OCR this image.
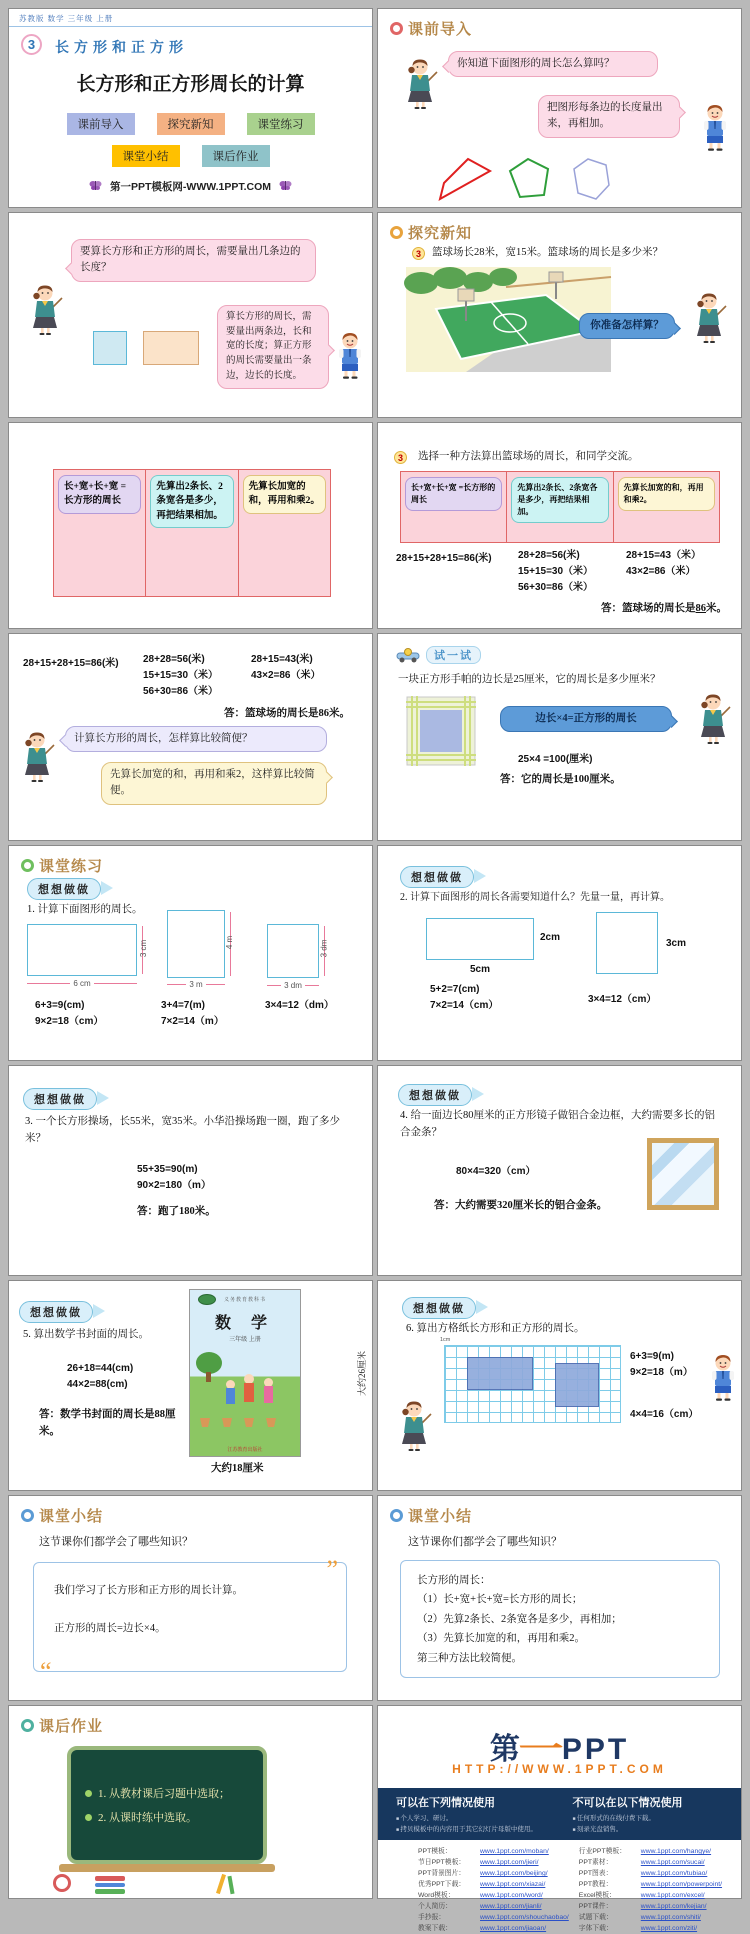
苏教版 数学 三年级 上册
3	长方形和正方形
长方形和正方形周长的计算
课前导入	探究新知	课堂练习
课堂小结	课后作业
第一PPT模板网-WWW.1PPT.COM
课前导入
你知道下面图形的周长怎么算吗？
把图形每条边的长度量出来，再相加。
要算长方形和正方形的周长，需要量出几条边的长度？
算长方形的周长，需要量出两条边，长和宽的长度；算正方形的周长需要量出一条边，边长的长度。
探究新知
3	篮球场长28米，宽15米。篮球场的周长是多少米？
你准备怎样算？
长+宽+长+宽 =长方形的周长
先算出2条长、2条宽各是多少，再把结果相加。
先算长加宽的和，再用和乘2。
3	选择一种方法算出篮球场的周长，和同学交流。
长+宽+长+宽 =长方形的周长
先算出2条长、2条宽各是多少，再把结果相加。
先算长加宽的和，再用和乘2。
28+15+28+15=86(米)	28+28=56(米)
15+15=30（米）
56+30=86（米）
28+15=43（米）
43×2=86（米）
答：篮球场的周长是86米。
28+15+28+15=86(米) 28+28=56(米)
15+15=30（米）
56+30=86（米）
28+15=43(米)
43×2=86（米）
答：篮球场的周长是86米。
计算长方形的周长，怎样算比较简便？
先算长加宽的和，再用和乘2，这样算比较简便。
试一试
一块正方形手帕的边长是25厘米，它的周长是多少厘米？
边长×4=正方形的周长
25×4 =100(厘米)
答：它的周长是100厘米。
课堂练习
想想做做
1. 计算下面图形的周长。
6 cm
3 cm
3 m
4 m
3 dm
3 dm
6+3=9(cm)
9×2=18（cm）
3+4=7(m)
7×2=14（m）
3×4=12（dm）
想想做做
2. 计算下面图形的周长各需要知道什么？先量一量，再计算。
2cm
5cm
3cm
5+2=7(cm)
7×2=14（cm）
3×4=12（cm）
想想做做
3. 一个长方形操场，长55米，宽35米。小华沿操场跑一圈，跑了多少米？
55+35=90(m)
90×2=180（m）
答：跑了180米。
想想做做
4. 给一面边长80厘米的正方形镜子做铝合金边框，大约需要多长的铝合金条？
80×4=320（cm）
答：大约需要320厘米长的铝合金条。
想想做做
5. 算出数学书封面的周长。
26+18=44(cm)
44×2=88(cm)
答：数学书封面的周长是88厘米。
义务教育教科书
数 学
三年级 上册
江苏教育出版社
大约26厘米
大约18厘米
想想做做
6. 算出方格纸长方形和正方形的周长。
1cm
6+3=9(m)
9×2=18（m）
4×4=16（cm）
课堂小结
这节课你们都学会了哪些知识？
”
“
我们学习了长方形和正方形的周长计算。
正方形的周长=边长×4。
课堂小结
这节课你们都学会了哪些知识？
长方形的周长：
（1）长+宽+长+宽=长方形的周长；
（2）先算2条长、2条宽各是多少，再相加；
（3）先算长加宽的和，再用和乘2。
第三种方法比较简便。
课后作业
1. 从教材课后习题中选取；
2. 从课时练中选取。
第一PPT
HTTP://WWW.1PPT.COM
可以在下列情况使用
■ 个人学习、研讨。
■ 拷贝模板中的内容用于其它幻灯片母版中使用。
不可以在以下情况使用
■ 任何形式的在线付费下载。
■ 刻录光盘销售。
PPT模板：	www.1ppt.com/moban/
节日PPT模板：	www.1ppt.com/jieri/
PPT背景图片：	www.1ppt.com/beijing/
优秀PPT下载：	www.1ppt.com/xiazai/
Word模板：	www.1ppt.com/word/
个人简历：	www.1ppt.com/jianli/
手抄报：	www.1ppt.com/shouchaobao/
教案下载：	www.1ppt.com/jiaoan/
行业PPT模板：	www.1ppt.com/hangye/
PPT素材：	www.1ppt.com/sucai/
PPT图表：	www.1ppt.com/tubiao/
PPT教程：	www.1ppt.com/powerpoint/
Excel模板：	www.1ppt.com/excel/
PPT课件：	www.1ppt.com/kejian/
试题下载：	www.1ppt.com/shiti/
字体下载：	www.1ppt.com/ziti/
